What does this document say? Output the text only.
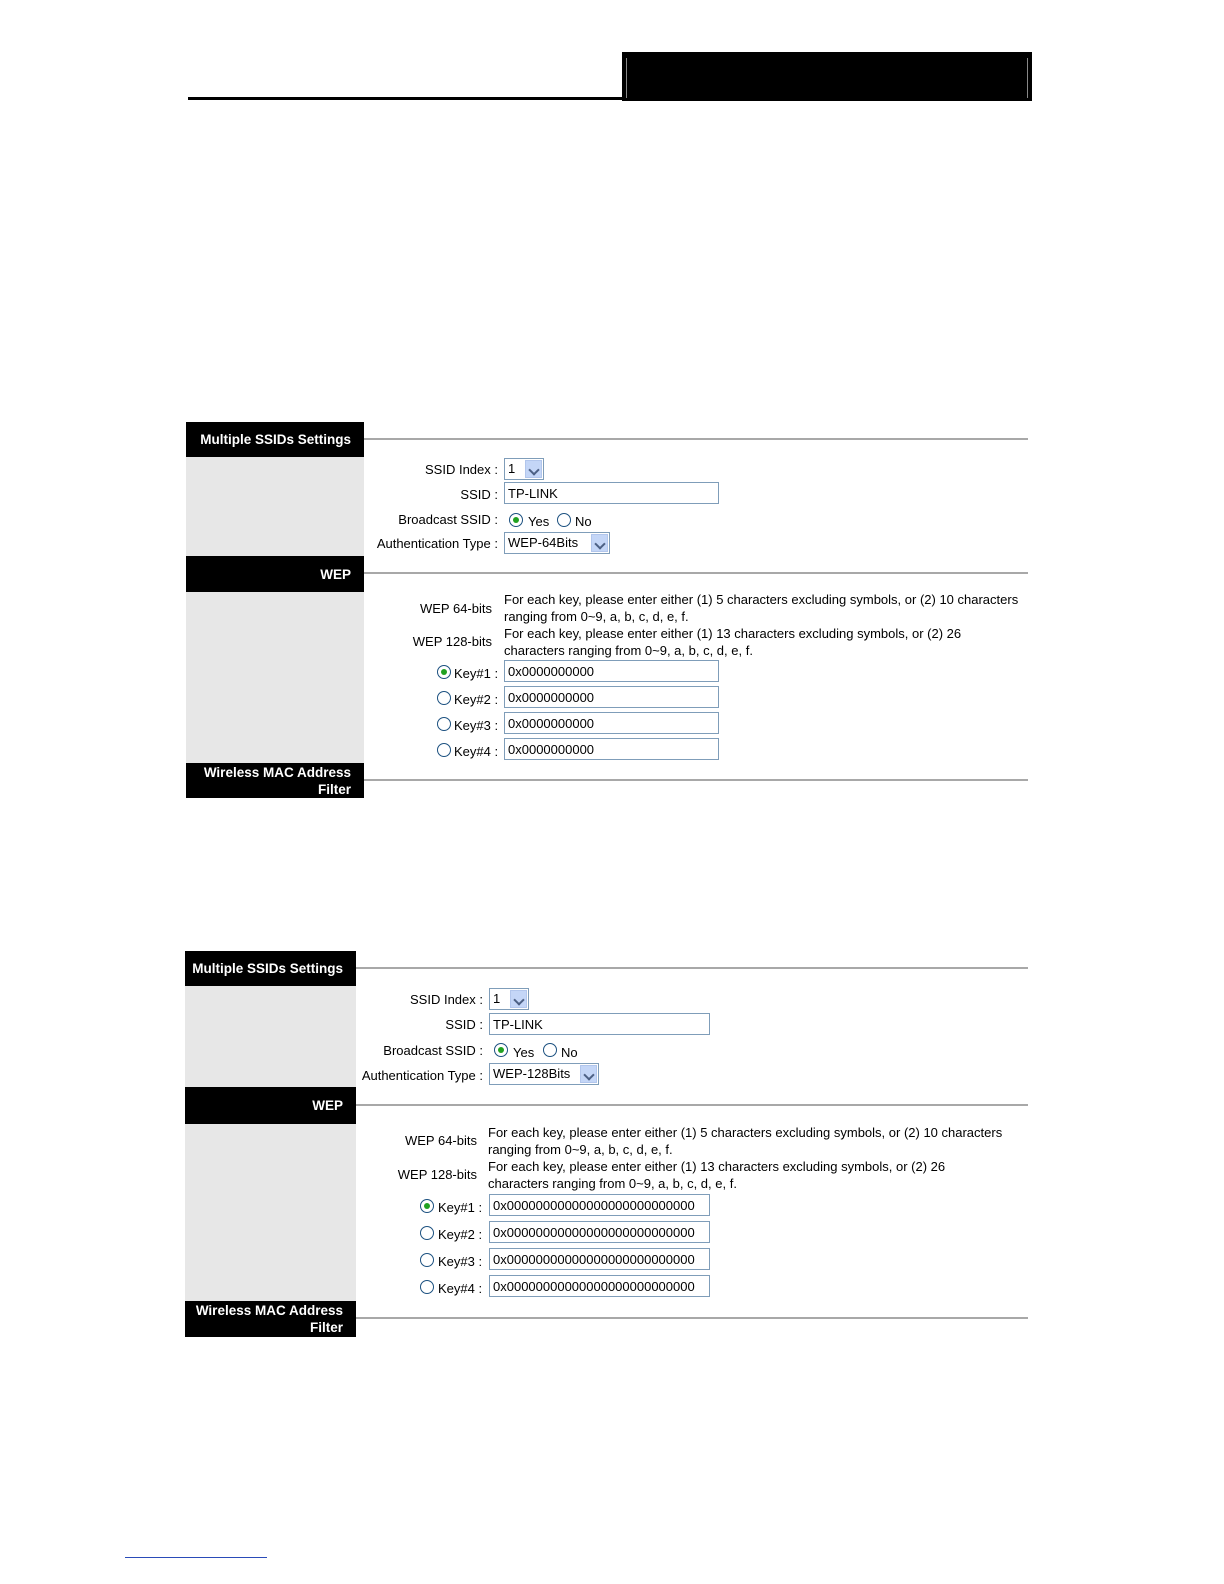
Multiple SSIDs Settings
SSID Index : 1
SSID :
TP-LINK
Broadcast SSID : Yes No
Authentication Type : WEP-64Bits
WEP
WEP 64-bits
For each key, please enter either (1) 5 characters excluding symbols, or (2) 10 characters ranging from 0~9, a, b, c, d, e, f.
WEP 128-bits
For each key, please enter either (1) 13 characters excluding symbols, or (2) 26 characters ranging from 0~9, a, b, c, d, e, f.
Key#1 :
0x0000000000
Key#2 :
0x0000000000
Key#3 :
0x0000000000
Key#4 :
0x0000000000
Wireless MAC Address
Filter
Multiple SSIDs Settings
SSID Index : 1
SSID :
TP-LINK
Broadcast SSID : Yes No
Authentication Type : WEP-128Bits
WEP
WEP 64-bits
For each key, please enter either (1) 5 characters excluding symbols, or (2) 10 characters ranging from 0~9, a, b, c, d, e, f.
WEP 128-bits
For each key, please enter either (1) 13 characters excluding symbols, or (2) 26 characters ranging from 0~9, a, b, c, d, e, f.
Key#1 :
0x00000000000000000000000000
Key#2 :
0x00000000000000000000000000
Key#3 :
0x00000000000000000000000000
Key#4 :
0x00000000000000000000000000
Wireless MAC Address
Filter
